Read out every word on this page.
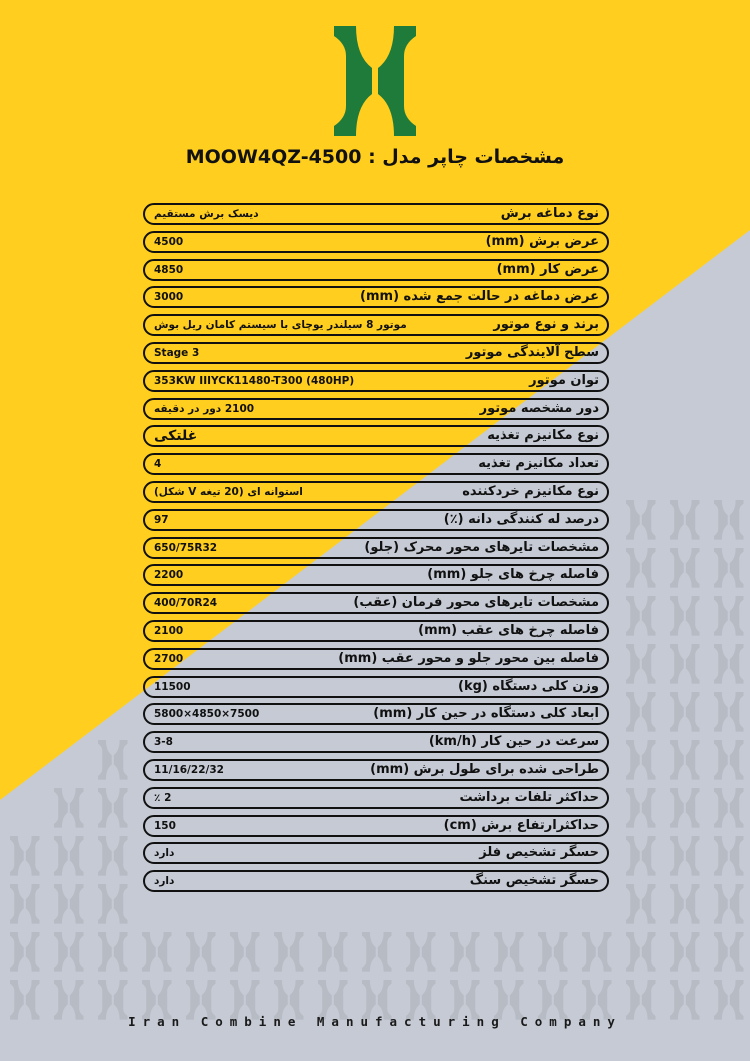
مشخصات چاپر مدل : MOOW4QZ-4500
نوع دماغه برش
دیسک برش مستقیم
عرض برش (mm)
4500
عرض کار (mm)
4850
عرض دماغه در حالت جمع شده (mm)
3000
برند و نوع موتور
موتور 8 سیلندر یوچای با سیستم کامان ریل بوش
سطح آلایندگی موتور
Stage 3
توان موتور
353KW IIIYCK11480-T300 (480HP)
دور مشخصه موتور
2100 دور در دقیقه
نوع مکانیزم تغذیه
غلتکی
تعداد مکانیزم تغذیه
4
نوع مکانیزم خردکننده
استوانه ای (20 تیغه V شکل)
درصد له کنندگی دانه (٪)
97
مشخصات تایرهای محور محرک (جلو)
650/75R32
فاصله چرخ های جلو (mm)
2200
مشخصات تایرهای محور فرمان (عقب)
400/70R24
فاصله چرخ های عقب (mm)
2100
فاصله بین محور جلو و محور عقب (mm)
2700
وزن کلی دستگاه (kg)
11500
ابعاد کلی دستگاه در حین کار (mm)
5800×4850×7500
سرعت در حین کار (km/h)
3-8
طراحی شده برای طول برش (mm)
11/16/22/32
حداکثر تلفات برداشت
٪ 2
حداکثرارتفاع برش (cm)
150
حسگر تشخیص فلز
دارد
حسگر تشخیص سنگ
دارد
Iran Combine Manufacturing Company
